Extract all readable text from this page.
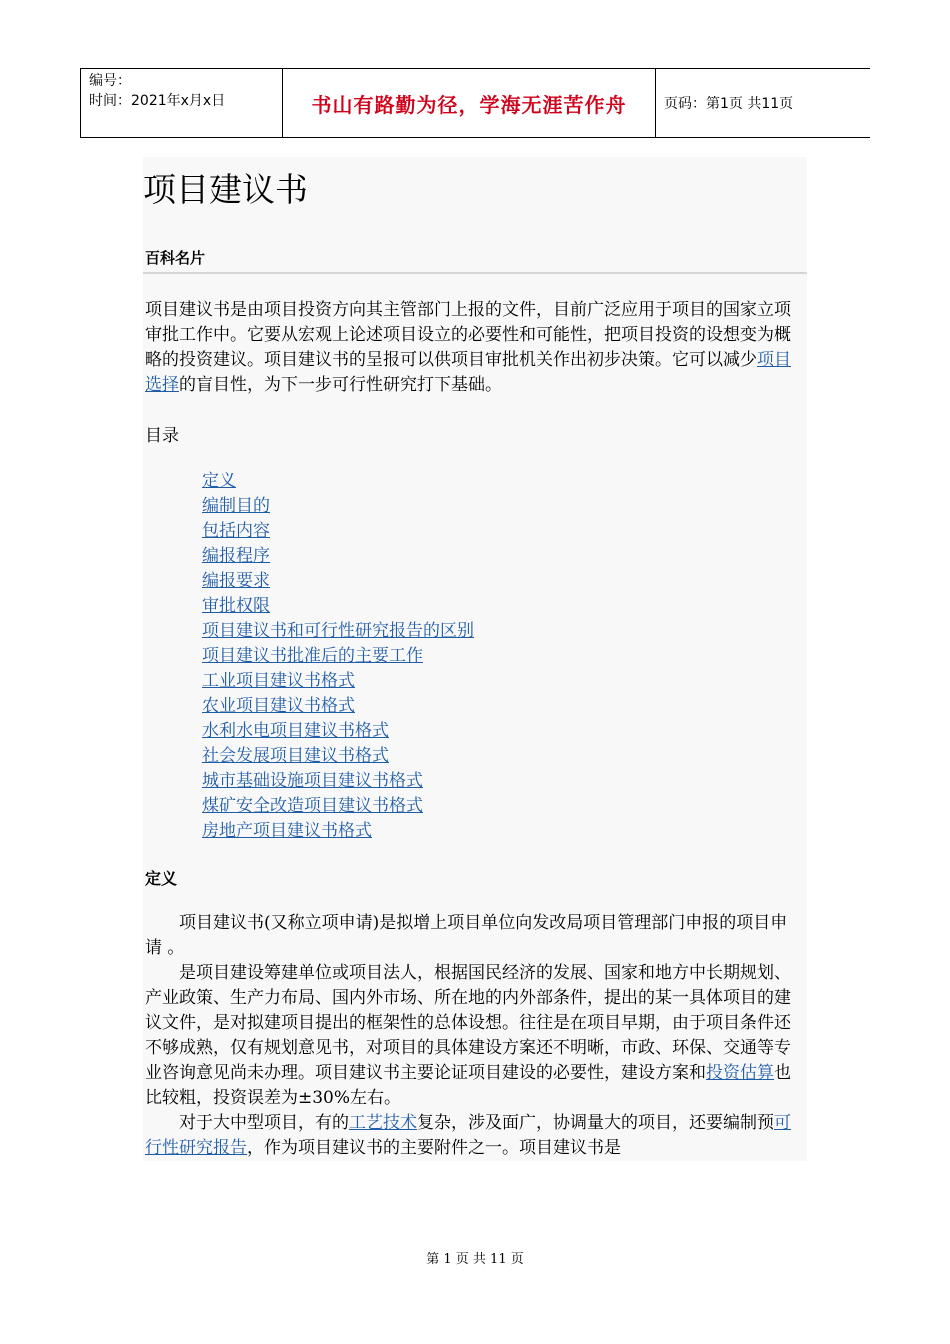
编号：
时间：2021年x月x日	书山有路勤为径，学海无涯苦作舟	页码：第1页 共11页
项目建议书
百科名片

项目建议书是由项目投资方向其主管部门上报的文件，目前广泛应用于项目的国家立项审批工作中。它要从宏观上论述项目设立的必要性和可能性，把项目投资的设想变为概略的投资建议。项目建议书的呈报可以供项目审批机关作出初步决策。它可以减少项目选择的盲目性，为下一步可行性研究打下基础。

目录
定义
编制目的
包括内容
编报程序
编报要求
审批权限
项目建议书和可行性研究报告的区别
项目建议书批准后的主要工作
工业项目建议书格式
农业项目建议书格式
水利水电项目建议书格式
社会发展项目建议书格式
城市基础设施项目建议书格式
煤矿安全改造项目建议书格式
房地产项目建议书格式
定义

项目建议书(又称立项申请)是拟增上项目单位向发改局项目管理部门申报的项目申请 。

是项目建设筹建单位或项目法人，根据国民经济的发展、国家和地方中长期规划、产业政策、生产力布局、国内外市场、所在地的内外部条件，提出的某一具体项目的建议文件，是对拟建项目提出的框架性的总体设想。往往是在项目早期，由于项目条件还不够成熟，仅有规划意见书，对项目的具体建设方案还不明晰，市政、环保、交通等专业咨询意见尚未办理。项目建议书主要论证项目建设的必要性，建设方案和投资估算也比较粗，投资误差为±30%左右。

对于大中型项目，有的工艺技术复杂，涉及面广，协调量大的项目，还要编制预可行性研究报告，作为项目建议书的主要附件之一。项目建议书是

第 1 页 共 11 页
